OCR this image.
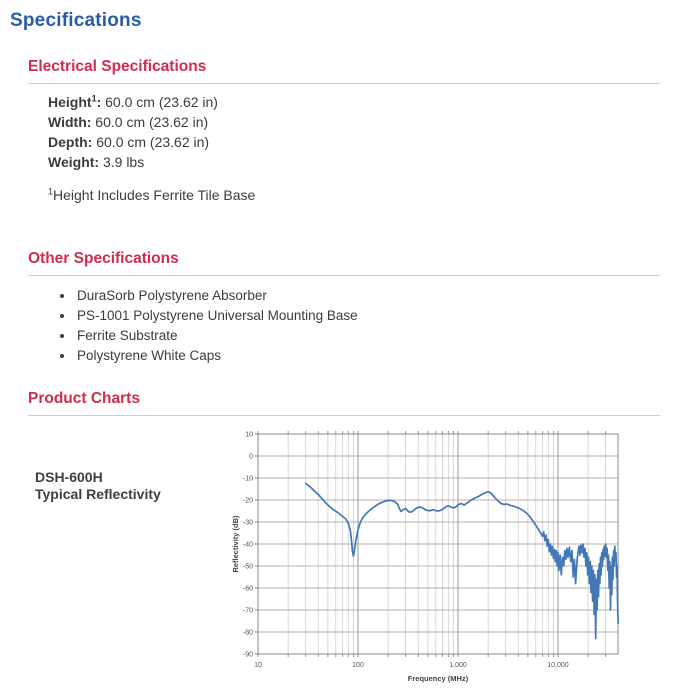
Specifications
Electrical Specifications
Height$^1$: 60.0 cm (23.62 in)
Width: 60.0 cm (23.62 in)
Depth: 60.0 cm (23.62 in)
Weight: 3.9 lbs

$^1$Height Includes Ferrite Tile Base

Other Specifications
• DuraSorb Polystyrene Absorber
• PS-1001 Polystyrene Universal Mounting Base
• Ferrite Substrate
• Polystyrene White Caps
Product Charts
DSH-600H
Typical Reflectivity
10
0
-10
-20
-30
-40
-50
-60
-70
-80
-90
10	100	1,000	10,000
Frequency (MHz)
Reflectivity (dB)
